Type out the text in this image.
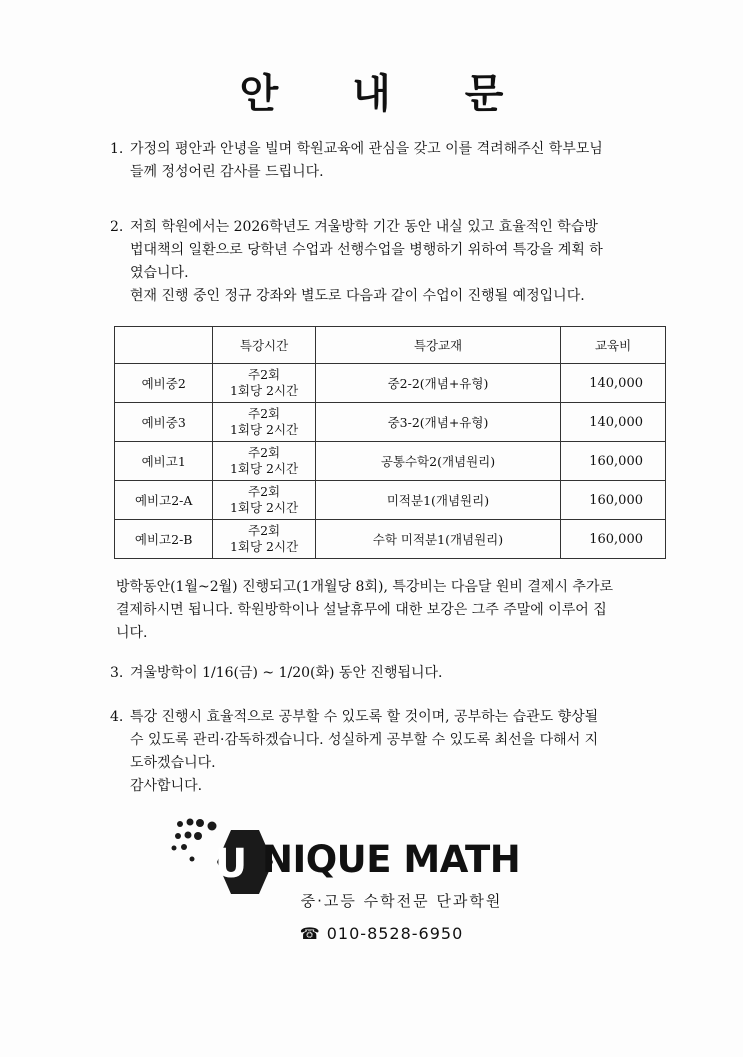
안 내 문
1. 가정의 평안과 안녕을 빌며 학원교육에 관심을 갖고 이를 격려해주신 학부모님
들께 정성어린 감사를 드립니다.
2. 저희 학원에서는 2026학년도 겨울방학 기간 동안 내실 있고 효율적인 학습방
법대책의 일환으로 당학년 수업과 선행수업을 병행하기 위하여 특강을 계획 하
였습니다.
현재 진행 중인 정규 강좌와 별도로 다음과 같이 수업이 진행될 예정입니다.
	특강시간	특강교재	교육비
예비중2	주2회
1회당 2시간	중2-2(개념+유형)	140,000
예비중3	주2회
1회당 2시간	중3-2(개념+유형)	140,000
예비고1	주2회
1회당 2시간	공통수학2(개념원리)	160,000
예비고2-A	주2회
1회당 2시간	미적분1(개념원리)	160,000
예비고2-B	주2회
1회당 2시간	수학 미적분1(개념원리)	160,000
방학동안(1월~2월) 진행되고(1개월당 8회), 특강비는 다음달 원비 결제시 추가로
결제하시면 됩니다. 학원방학이나 설날휴무에 대한 보강은 그주 주말에 이루어 집
니다.
3. 겨울방학이 1/16(금) ~ 1/20(화) 동안 진행됩니다.
4. 특강 진행시 효율적으로 공부할 수 있도록 할 것이며, 공부하는 습관도 향상될
수 있도록 관리·감독하겠습니다. 성실하게 공부할 수 있도록 최선을 다해서 지
도하겠습니다.
감사합니다.
U NIQUE MATH
중·고등 수학전문 단과학원
☎ 010-8528-6950
